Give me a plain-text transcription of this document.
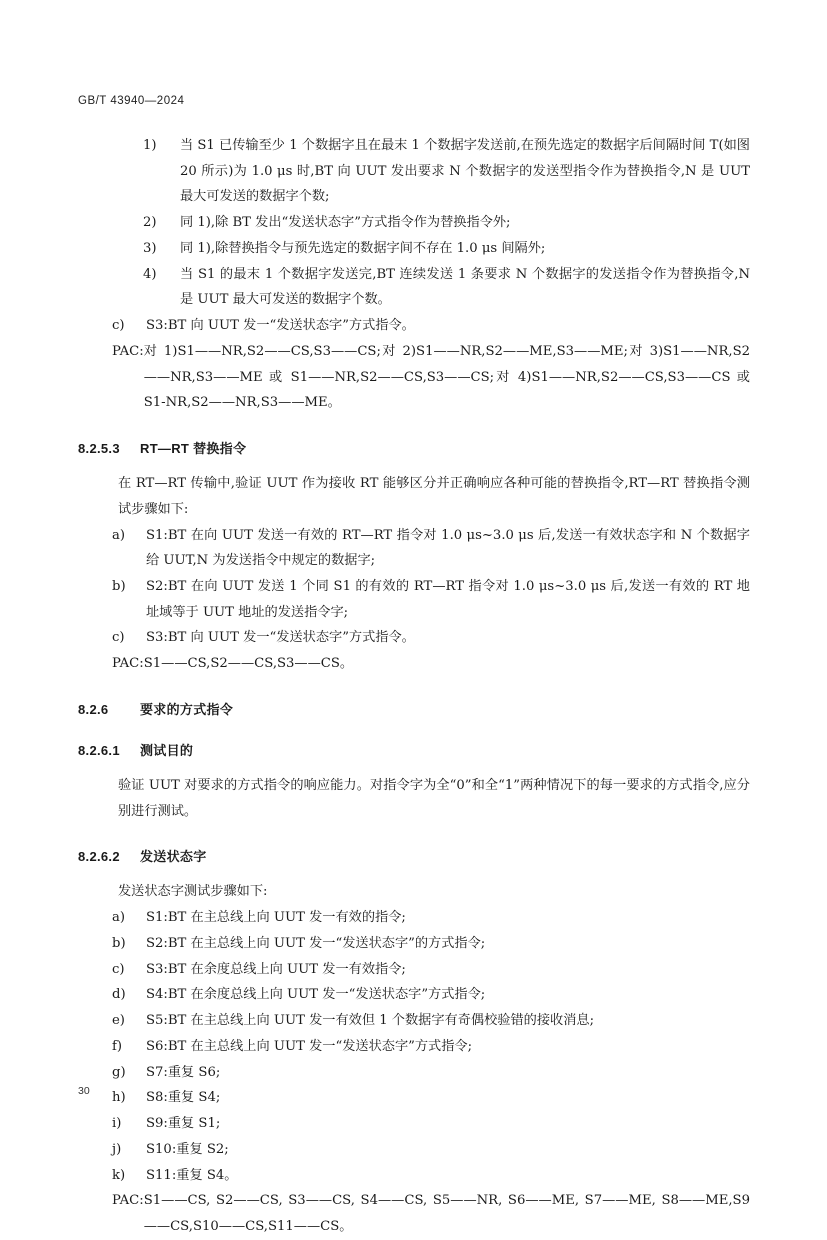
GB/T 43940—2024
1)	当 S1 已传输至少 1 个数据字且在最末 1 个数据字发送前,在预先选定的数据字后间隔时间 T(如图 20 所示)为 1.0 μs 时,BT 向 UUT 发出要求 N 个数据字的发送型指令作为替换指令,N 是 UUT 最大可发送的数据字个数;
2)	同 1),除 BT 发出“发送状态字”方式指令作为替换指令外;
3)	同 1),除替换指令与预先选定的数据字间不存在 1.0 μs 间隔外;
4)	当 S1 的最末 1 个数据字发送完,BT 连续发送 1 条要求 N 个数据字的发送指令作为替换指令,N 是 UUT 最大可发送的数据字个数。
c)	S3:BT 向 UUT 发一“发送状态字”方式指令。
PAC: 对 1)S1——NR,S2——CS,S3——CS;对 2)S1——NR,S2——ME,S3——ME;对 3)S1——NR,S2——NR,S3——ME 或 S1——NR,S2——CS,S3——CS;对 4)S1——NR,S2——CS,S3——CS 或 S1-NR,S2——NR,S3——ME。
8.2.5.3 RT—RT 替换指令
在 RT—RT 传输中,验证 UUT 作为接收 RT 能够区分并正确响应各种可能的替换指令,RT—RT 替换指令测试步骤如下:
a)	S1:BT 在向 UUT 发送一有效的 RT—RT 指令对 1.0 μs~3.0 μs 后,发送一有效状态字和 N 个数据字给 UUT,N 为发送指令中规定的数据字;
b)	S2:BT 在向 UUT 发送 1 个同 S1 的有效的 RT—RT 指令对 1.0 μs~3.0 μs 后,发送一有效的 RT 地址域等于 UUT 地址的发送指令字;
c)	S3:BT 向 UUT 发一“发送状态字”方式指令。
PAC: S1——CS,S2——CS,S3——CS。
8.2.6 要求的方式指令
8.2.6.1 测试目的
验证 UUT 对要求的方式指令的响应能力。对指令字为全“0”和全“1”两种情况下的每一要求的方式指令,应分别进行测试。
8.2.6.2 发送状态字
发送状态字测试步骤如下:
a)	S1:BT 在主总线上向 UUT 发一有效的指令;
b)	S2:BT 在主总线上向 UUT 发一“发送状态字”的方式指令;
c)	S3:BT 在余度总线上向 UUT 发一有效指令;
d)	S4:BT 在余度总线上向 UUT 发一“发送状态字”方式指令;
e)	S5:BT 在主总线上向 UUT 发一有效但 1 个数据字有奇偶校验错的接收消息;
f)	S6:BT 在主总线上向 UUT 发一“发送状态字”方式指令;
g)	S7:重复 S6;
h)	S8:重复 S4;
i)	S9:重复 S1;
j)	S10:重复 S2;
k)	S11:重复 S4。
PAC: S1——CS, S2——CS, S3——CS, S4——CS, S5——NR, S6——ME, S7——ME, S8——ME,S9——CS,S10——CS,S11——CS。
30
